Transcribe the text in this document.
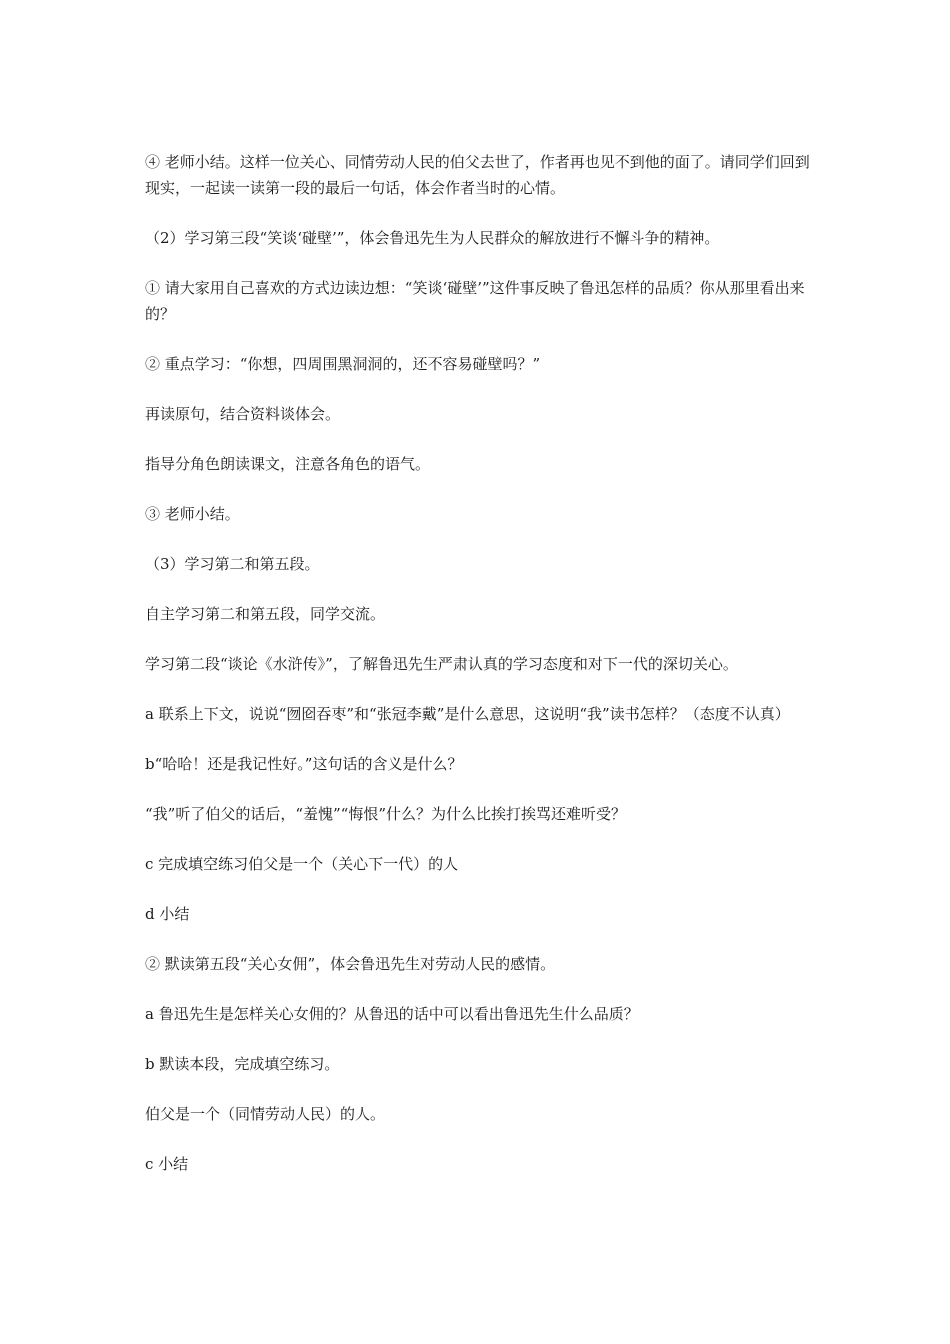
④ 老师小结。这样一位关心、同情劳动人民的伯父去世了，作者再也见不到他的面了。请同学们回到现实，一起读一读第一段的最后一句话，体会作者当时的心情。

（2）学习第三段“笑谈‘碰壁’”，体会鲁迅先生为人民群众的解放进行不懈斗争的精神。

① 请大家用自己喜欢的方式边读边想：“笑谈‘碰壁’”这件事反映了鲁迅怎样的品质？你从那里看出来的？

② 重点学习：“你想，四周围黑洞洞的，还不容易碰壁吗？”

再读原句，结合资料谈体会。

指导分角色朗读课文，注意各角色的语气。

③ 老师小结。

（3）学习第二和第五段。

自主学习第二和第五段，同学交流。

学习第二段“谈论《水浒传》”，了解鲁迅先生严肃认真的学习态度和对下一代的深切关心。

a 联系上下文，说说“囫囵吞枣”和“张冠李戴”是什么意思，这说明“我”读书怎样？（态度不认真）

b“哈哈！还是我记性好。”这句话的含义是什么？

“我”听了伯父的话后，“羞愧”“悔恨”什么？为什么比挨打挨骂还难听受？

c 完成填空练习伯父是一个（关心下一代）的人

d 小结

② 默读第五段“关心女佣”，体会鲁迅先生对劳动人民的感情。

a 鲁迅先生是怎样关心女佣的？从鲁迅的话中可以看出鲁迅先生什么品质？

b 默读本段，完成填空练习。

伯父是一个（同情劳动人民）的人。

c 小结
